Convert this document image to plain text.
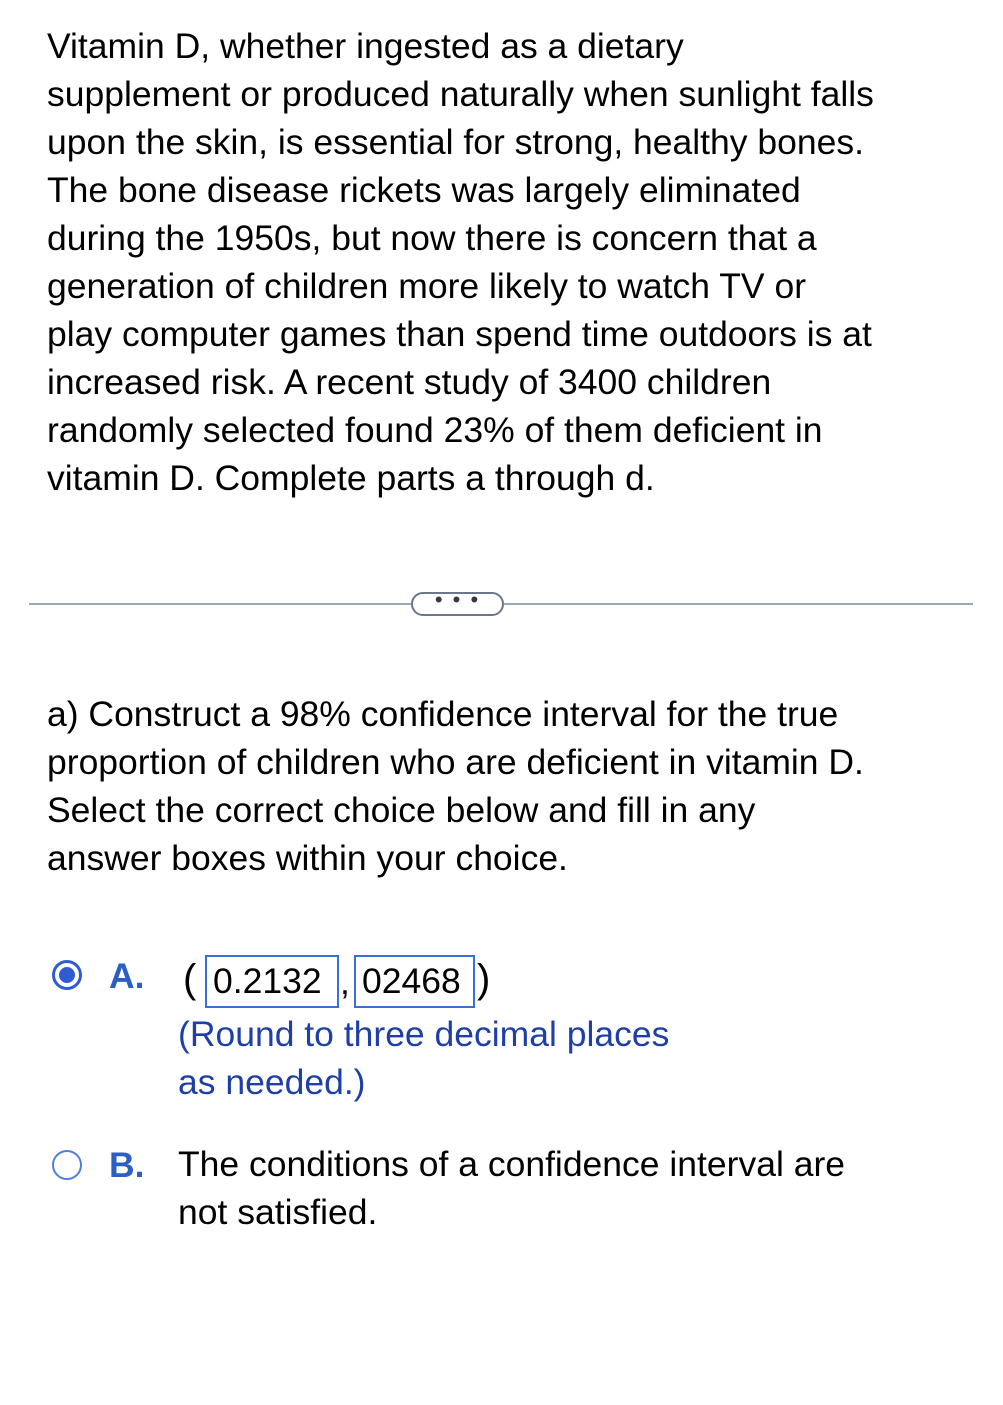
Vitamin D, whether ingested as a dietary
supplement or produced naturally when sunlight falls
upon the skin, is essential for strong, healthy bones.
The bone disease rickets was largely eliminated
during the 1950s, but now there is concern that a
generation of children more likely to watch TV or
play computer games than spend time outdoors is at
increased risk. A recent study of 3400 children
randomly selected found 23% of them deficient in
vitamin D. Complete parts a through d.
• • •
a) Construct a 98% confidence interval for the true
proportion of children who are deficient in vitamin D.
Select the correct choice below and fill in any
answer boxes within your choice.
A. (
0.2132	,
02468	)
(Round to three decimal places
as needed.)
B. The conditions of a confidence interval are
not satisfied.
